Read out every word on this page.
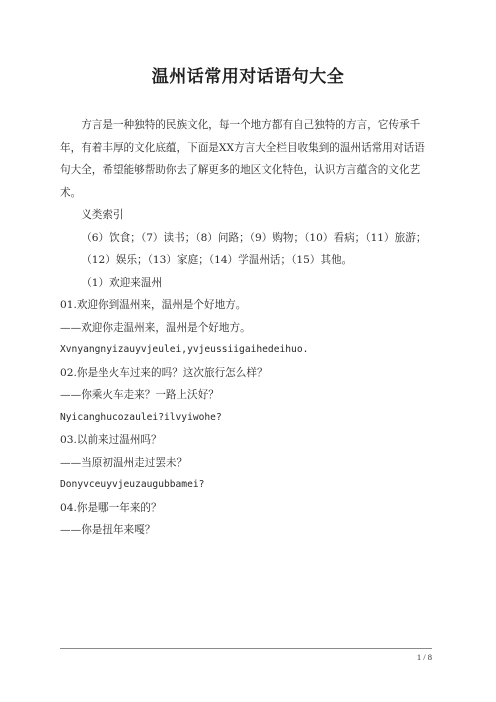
温州话常用对话语句大全

方言是一种独特的民族文化，每一个地方都有自己独特的方言，它传承千年，有着丰厚的文化底蕴，下面是XX方言大全栏目收集到的温州话常用对话语句大全，希望能够帮助你去了解更多的地区文化特色，认识方言蕴含的文化艺术。

义类索引

（6）饮食；（7）读书；（8）问路；（9）购物；（10）看病；（11）旅游；

（12）娱乐；（13）家庭；（14）学温州话；（15）其他。

（1）欢迎来温州

01.欢迎你到温州来，温州是个好地方。

——欢迎你走温州来，温州是个好地方。

Xvnyangnyizauyvjeulei,yvjeussiigaihedeihuo.

02.你是坐火车过来的吗？这次旅行怎么样？

——你乘火车走来？一路上沃好？

Nyicanghucozaulei?ilvyiwohe?

03.以前来过温州吗？

——当原初温州走过罢未？

Donyvceuyvjeuzaugubbamei?

04.你是哪一年来的？

——你是扭年来嘎？

1 / 8
